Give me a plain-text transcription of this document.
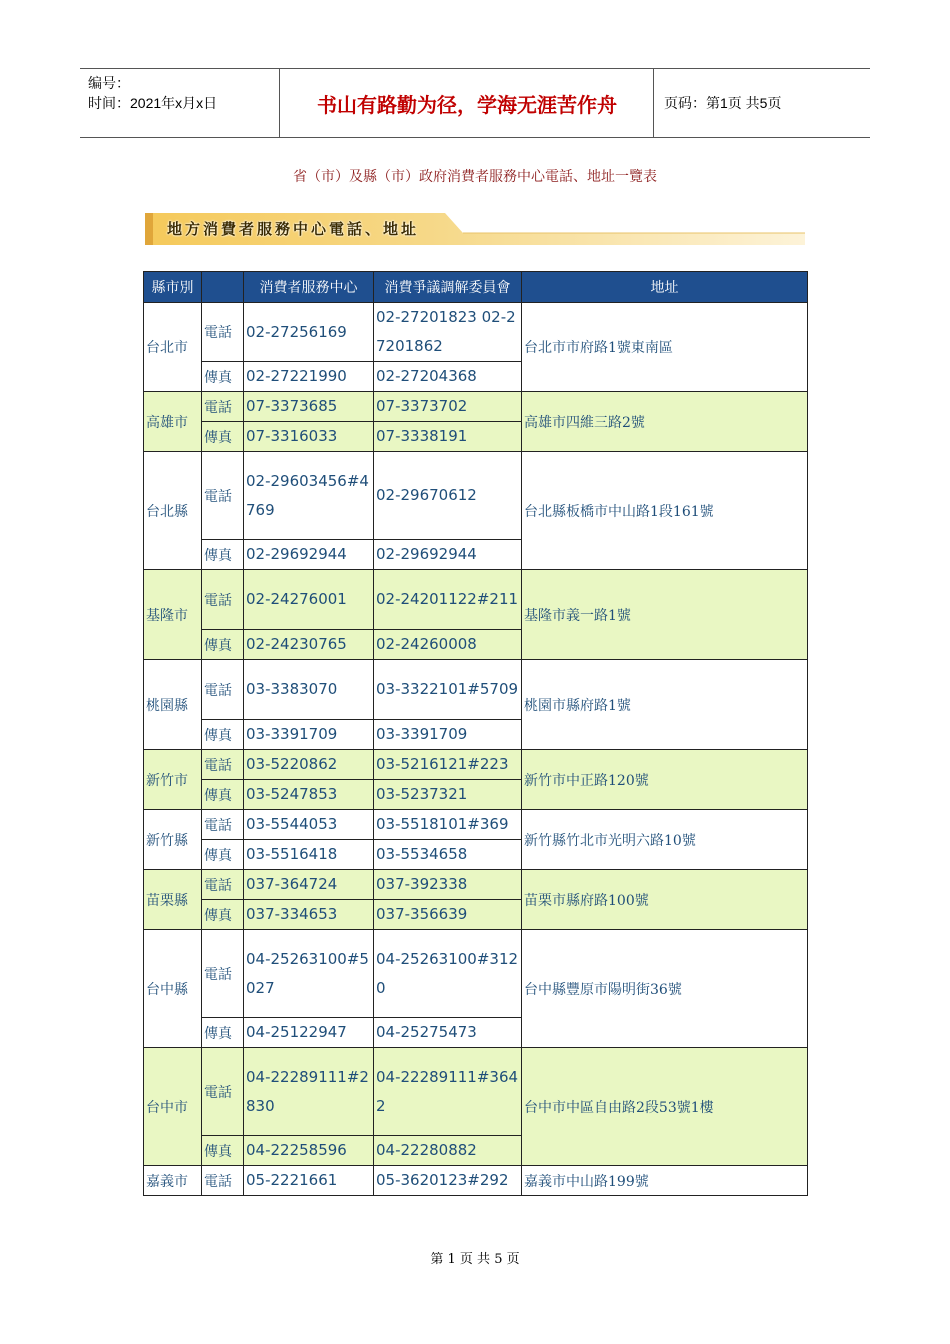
编号：
时间：2021年x月x日	书山有路勤为径，学海无涯苦作舟	页码：第1页 共5页
省（市）及縣（市）政府消費者服務中心電話、地址一覽表
地方消費者服務中心電話、地址
縣市別		消費者服務中心	消費爭議調解委員會	地址
台北市	電話	02-27256169	02-27201823 02-27201862	台北市市府路1號東南區
	傳真	02-27221990	02-27204368	
高雄市	電話	07-3373685	07-3373702	高雄市四維三路2號
	傳真	07-3316033	07-3338191	
台北縣	電話	02-29603456#4769	02-29670612	台北縣板橋市中山路1段161號
	傳真	02-29692944	02-29692944	
基隆市	電話	02-24276001	02-24201122#211	基隆市義一路1號
	傳真	02-24230765	02-24260008	
桃園縣	電話	03-3383070	03-3322101#5709	桃園市縣府路1號
	傳真	03-3391709	03-3391709	
新竹市	電話	03-5220862	03-5216121#223	新竹市中正路120號
	傳真	03-5247853	03-5237321	
新竹縣	電話	03-5544053	03-5518101#369	新竹縣竹北市光明六路10號
	傳真	03-5516418	03-5534658	
苗栗縣	電話	037-364724	037-392338	苗栗市縣府路100號
	傳真	037-334653	037-356639	
台中縣	電話	04-25263100#5027	04-25263100#3120	台中縣豐原市陽明街36號
	傳真	04-25122947	04-25275473	
台中市	電話	04-22289111#2830	04-22289111#3642	台中市中區自由路2段53號1樓
	傳真	04-22258596	04-22280882	
嘉義市	電話	05-2221661	05-3620123#292	嘉義市中山路199號
第 1 页 共 5 页
